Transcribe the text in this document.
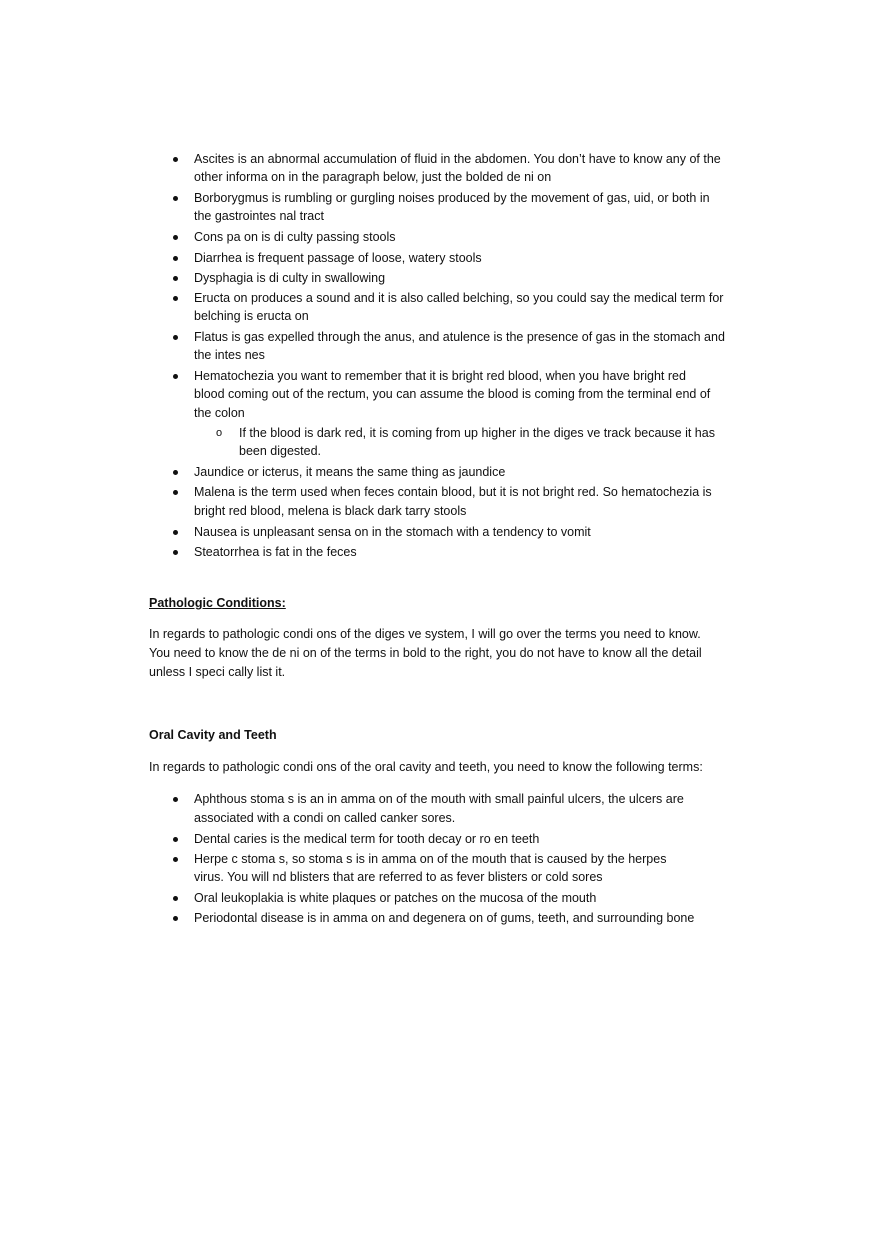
Ascites is an abnormal accumulation of fluid in the abdomen. You don’t have to know any of the
other informa on in the paragraph below, just the bolded de ni on
Borborygmus is rumbling or gurgling noises produced by the movement of gas, uid, or both in
the gastrointes nal tract
Cons pa on is di culty passing stools
Diarrhea is frequent passage of loose, watery stools
Dysphagia is di culty in swallowing
Eructa on produces a sound and it is also called belching, so you could say the medical term for
belching is eructa on
Flatus is gas expelled through the anus, and atulence is the presence of gas in the stomach and
the intes nes
Hematochezia you want to remember that it is bright red blood, when you have bright red
blood coming out of the rectum, you can assume the blood is coming from the terminal end of
the colon
o If the blood is dark red, it is coming from up higher in the diges ve track because it has
been digested.
Jaundice or icterus, it means the same thing as jaundice
Malena is the term used when feces contain blood, but it is not bright red. So hematochezia is
bright red blood, melena is black dark tarry stools
Nausea is unpleasant sensa on in the stomach with a tendency to vomit
Steatorrhea is fat in the feces
Pathologic Conditions:
In regards to pathologic condi ons of the diges ve system, I will go over the terms you need to know.
You need to know the de ni on of the terms in bold to the right, you do not have to know all the detail
unless I speci cally list it.
Oral Cavity and Teeth
In regards to pathologic condi ons of the oral cavity and teeth, you need to know the following terms:
Aphthous stoma s is an in amma on of the mouth with small painful ulcers, the ulcers are
associated with a condi on called canker sores.
Dental caries is the medical term for tooth decay or ro en teeth
Herpe c stoma s, so stoma s is in amma on of the mouth that is caused by the herpes
virus. You will nd blisters that are referred to as fever blisters or cold sores
Oral leukoplakia is white plaques or patches on the mucosa of the mouth
Periodontal disease is in amma on and degenera on of gums, teeth, and surrounding bone
